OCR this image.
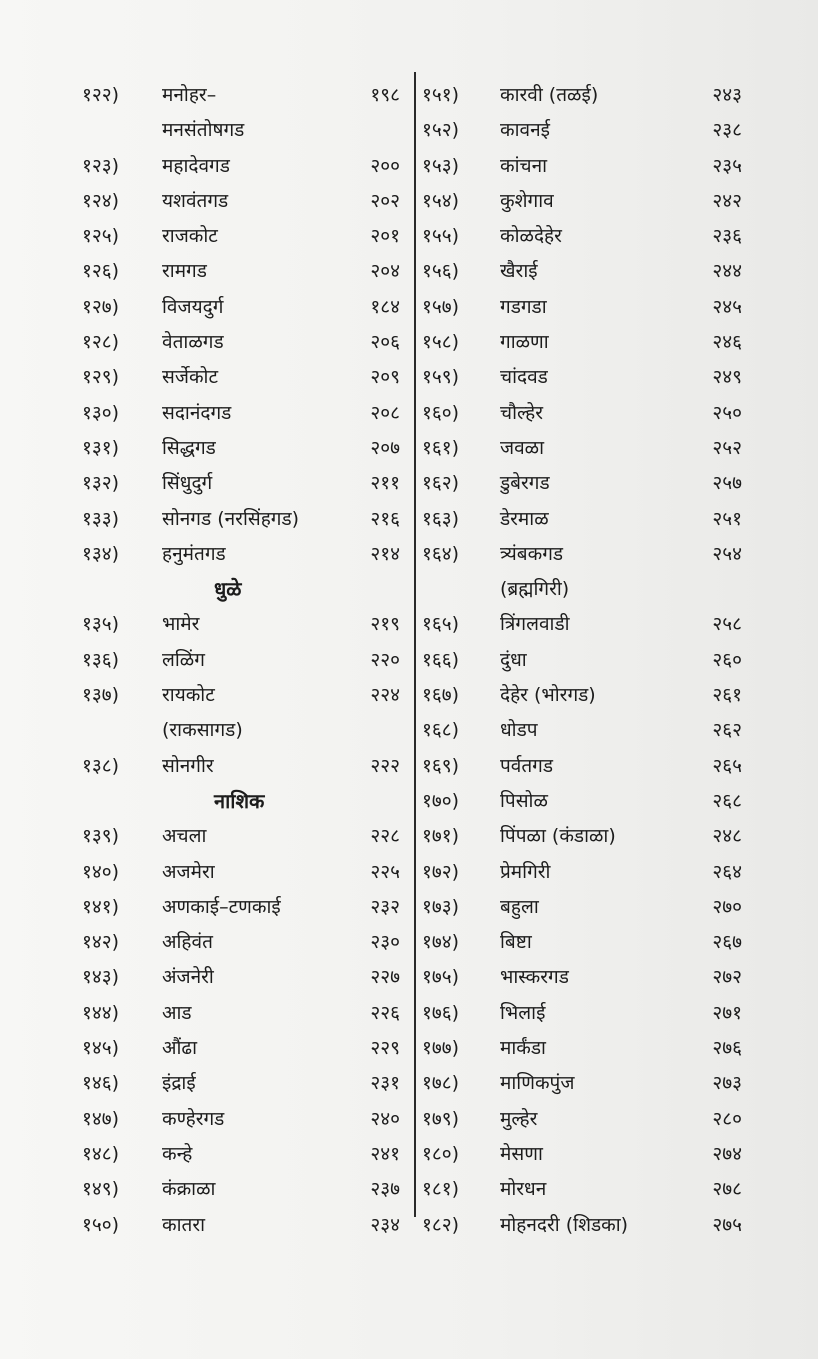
१२२) मनोहर–	१९८
मनसंतोषगड
१२३) महादेवगड	२००
१२४) यशवंतगड	२०२
१२५) राजकोट	२०१
१२६) रामगड	२०४
१२७) विजयदुर्ग	१८४
१२८) वेताळगड	२०६
१२९) सर्जेकोट	२०९
१३०) सदानंदगड	२०८
१३१) सिद्धगड	२०७
१३२) सिंधुदुर्ग	२११
१३३) सोनगड (नरसिंहगड)	२१६
१३४) हनुमंतगड	२१४
धुळे
१३५) भामेर	२१९
१३६) लळिंग	२२०
१३७) रायकोट	२२४
(राकसागड)
१३८) सोनगीर	२२२
नाशिक
१३९) अचला	२२८
१४०) अजमेरा	२२५
१४१) अणकाई–टणकाई	२३२
१४२) अहिवंत	२३०
१४३) अंजनेरी	२२७
१४४) आड	२२६
१४५) औंढा	२२९
१४६) इंद्राई	२३१
१४७) कण्हेरगड	२४०
१४८) कन्हे	२४१
१४९) कंक्राळा	२३७
१५०) कातरा	२३४
१५१) कारवी (तळई)	२४३
१५२) कावनई	२३८
१५३) कांचना	२३५
१५४) कुशेगाव	२४२
१५५) कोळदेहेर	२३६
१५६) खैराई	२४४
१५७) गडगडा	२४५
१५८) गाळणा	२४६
१५९) चांदवड	२४९
१६०) चौल्हेर	२५०
१६१) जवळा	२५२
१६२) डुबेरगड	२५७
१६३) डेरमाळ	२५१
१६४) त्र्यंबकगड	२५४
(ब्रह्मगिरी)
१६५) त्रिंगलवाडी	२५८
१६६) दुंधा	२६०
१६७) देहेर (भोरगड)	२६१
१६८) धोडप	२६२
१६९) पर्वतगड	२६५
१७०) पिसोळ	२६८
१७१) पिंपळा (कंडाळा)	२४८
१७२) प्रेमगिरी	२६४
१७३) बहुला	२७०
१७४) बिष्टा	२६७
१७५) भास्करगड	२७२
१७६) भिलाई	२७१
१७७) मार्कंडा	२७६
१७८) माणिकपुंज	२७३
१७९) मुल्हेर	२८०
१८०) मेसणा	२७४
१८१) मोरधन	२७८
१८२) मोहनदरी (शिडका)	२७५
